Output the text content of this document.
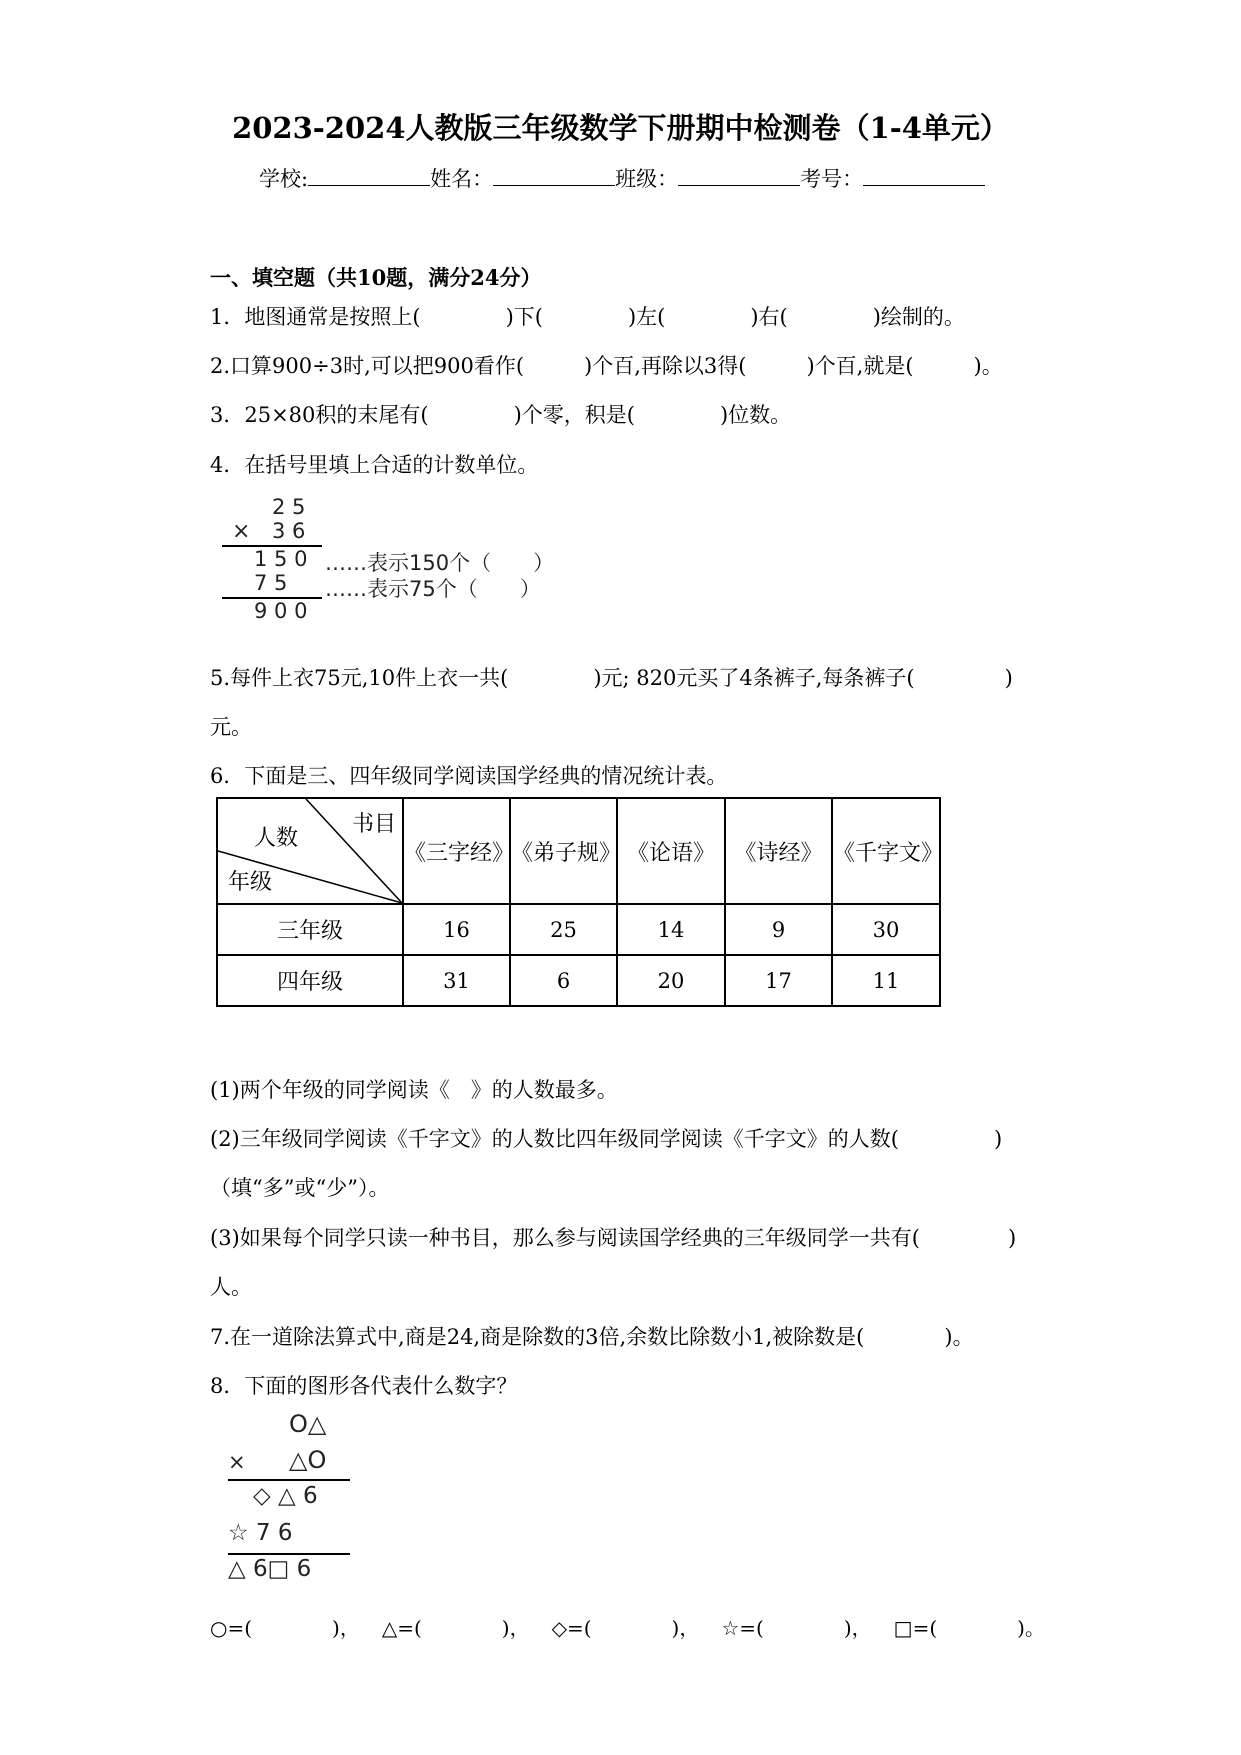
2023-2024人教版三年级数学下册期中检测卷（1-4单元）
学校:	姓名：	班级：	考号：
一、填空题（共10题，满分24分）
1．地图通常是按照上(	)下(	)左(	)右(	)绘制的。
2.口算900÷3时,可以把900看作(	)个百,再除以3得(	)个百,就是(	)。
3．25×80积的末尾有(	)个零，积是(	)位数。
4．在括号里填上合适的计数单位。
2 5
× 3 6
1 5 0 ……表示150个（　　）
7 5 ……表示75个（　　）
9 0 0
5.每件上衣75元,10件上衣一共(	)元; 820元买了4条裤子,每条裤子(	)
元。
6．下面是三、四年级同学阅读国学经典的情况统计表。
书目
人数
年级	《三字经》	《弟子规》	《论语》	《诗经》	《千字文》
三年级	16	25	14	9	30
四年级	31	6	20	17	11
(1)两个年级的同学阅读《　》的人数最多。
(2)三年级同学阅读《千字文》的人数比四年级同学阅读《千字文》的人数(	)
（填“多”或“少”）。
(3)如果每个同学只读一种书目，那么参与阅读国学经典的三年级同学一共有(	)
人。
7.在一道除法算式中,商是24,商是除数的3倍,余数比除数小1,被除数是(	)。
8．下面的图形各代表什么数字？
O△
× △O
◇ △ 6
☆ 7 6
△ 6□ 6
○=(	)， △=(	)， ◇=(	)， ☆=(	)， □=(	)。
